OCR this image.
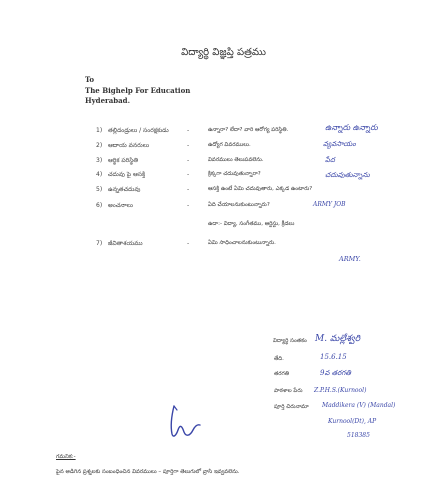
విద్యార్థి విజ్ఞప్తి పత్రము
To
The Bighelp For Education
Hyderabad.
1) తల్లిదండ్రులు / సంరక్షకుడు	-	ఉన్నారా? లేదా? వారి ఆరోగ్య పరిస్థితి.	ఉన్నారు ఉన్నారు
2) ఆదాయ వనరులు	-	ఉద్యోగ వివరములు.	వ్యవసాయం
3) ఆర్థిక పరిస్థితి	-	వివరములు తెలుపవలెను.	పేద
4) చదువు పై ఆసక్తి	-	క్రిక్కగా చదువుతున్నారా?	చదువుతున్నాను
5) ఉన్నతచదువు	-	ఆసక్తి ఉంటే ఏమి చదువుతారు, ఎక్కడ ఉంటారు?
6) అంచనాలు	-	ఏది చేయాలనుకుంటున్నారు?	ARMY JOB
ఉదా:- విద్యా, సంగీతము, ఆర్టిస్టు, క్రీడలు
7) జీవితాశయము	-	ఏమి సాధించాలనుకుంటున్నారు.
ARMY.
విద్యార్థి సంతకం M. మల్లేశ్వరి
తేది.	15.6.15
తరగతి	9వ తరగతి
పాఠశాల పేరు Z.P.H.S.(Kurnool)
పూర్తి చిరునామా Maddikera (V) (Mandal)
Kurnool(Dt), AP
518385
గమనిక:-
పైన అడిగిన ప్రశ్నలకు సంబంధించిన వివరములు – పూర్తిగా తెలుగులో వ్రాసి ఇవ్వవలెను.
